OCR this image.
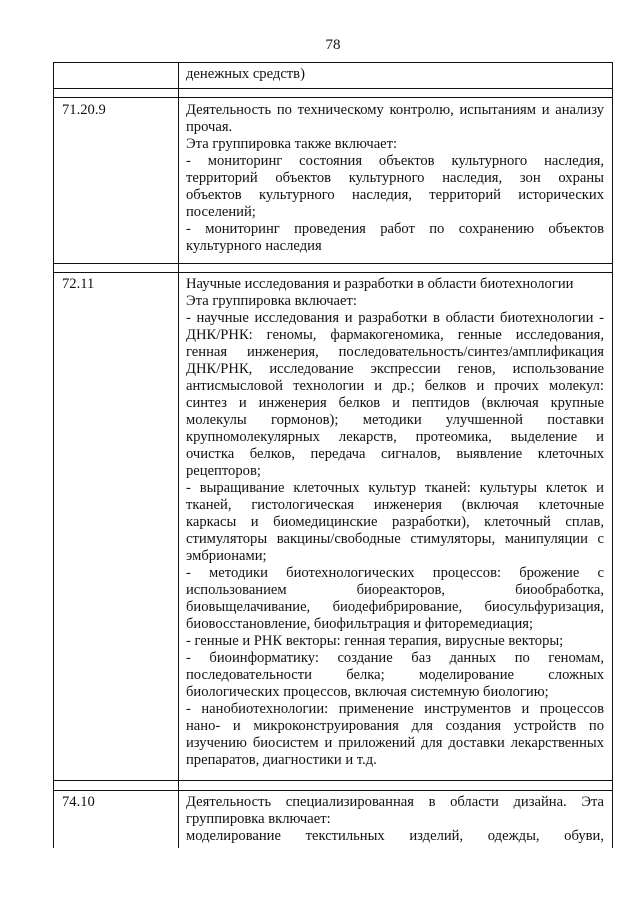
78
денежных средств)
71.20.9	Деятельность по техническому контролю, испытаниям и анализу
прочая.
Эта группировка также включает:
- мониторинг состояния объектов культурного наследия,
территорий объектов культурного наследия, зон охраны
объектов культурного наследия, территорий исторических
поселений;
- мониторинг проведения работ по сохранению объектов
культурного наследия
72.11	Научные исследования и разработки в области биотехнологии
Эта группировка включает:
- научные исследования и разработки в области биотехнологии -
ДНК/РНК: геномы, фармакогеномика, генные исследования,
генная инженерия, последовательность/синтез/амплификация
ДНК/РНК, исследование экспрессии генов, использование
антисмысловой технологии и др.; белков и прочих молекул:
синтез и инженерия белков и пептидов (включая крупные
молекулы гормонов); методики улучшенной поставки
крупномолекулярных лекарств, протеомика, выделение и
очистка белков, передача сигналов, выявление клеточных
рецепторов;
- выращивание клеточных культур тканей: культуры клеток и
тканей, гистологическая инженерия (включая клеточные
каркасы и биомедицинские разработки), клеточный сплав,
стимуляторы вакцины/свободные стимуляторы, манипуляции с
эмбрионами;
- методики биотехнологических процессов: брожение с
использованием биореакторов, биообработка,
биовыщелачивание, биодефибрирование, биосульфуризация,
биовосстановление, биофильтрация и фиторемедиация;
- генные и РНК векторы: генная терапия, вирусные векторы;
- биоинформатику: создание баз данных по геномам,
последовательности белка; моделирование сложных
биологических процессов, включая системную биологию;
- нанобиотехнологии: применение инструментов и процессов
нано- и микроконструирования для создания устройств по
изучению биосистем и приложений для доставки лекарственных
препаратов, диагностики и т.д.
74.10	Деятельность специализированная в области дизайна. Эта
группировка включает:
моделирование текстильных изделий, одежды, обуви,
